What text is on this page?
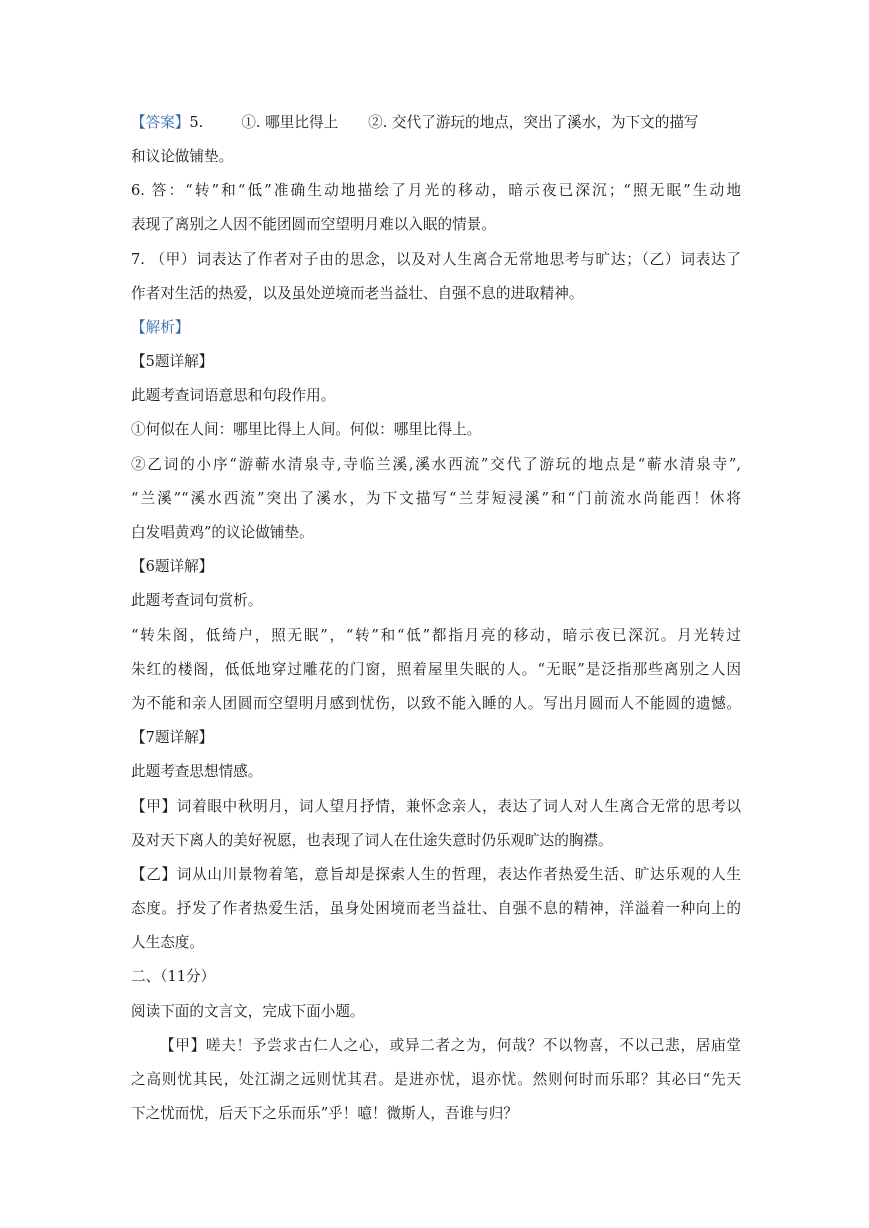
【答案】5.	①. 哪里比得上 ②. 交代了游玩的地点，突出了溪水，为下文的描写
和议论做铺垫。
6. 答：“转”和“低”准确生动地描绘了月光的移动，暗示夜已深沉；“照无眠”生动地
表现了离别之人因不能团圆而空望明月难以入眠的情景。
7. （甲）词表达了作者对子由的思念，以及对人生离合无常地思考与旷达；（乙）词表达了
作者对生活的热爱，以及虽处逆境而老当益壮、自强不息的进取精神。
【解析】
【5题详解】
此题考查词语意思和句段作用。
①何似在人间：哪里比得上人间。何似：哪里比得上。
②乙词的小序“游蕲水清泉寺,寺临兰溪,溪水西流”交代了游玩的地点是“蕲水清泉寺”,
“兰溪”“溪水西流”突出了溪水，为下文描写“兰芽短浸溪”和“门前流水尚能西！休将
白发唱黄鸡”的议论做铺垫。
【6题详解】
此题考查词句赏析。
“转朱阁，低绮户，照无眠”，“转”和“低”都指月亮的移动，暗示夜已深沉。月光转过
朱红的楼阁，低低地穿过雕花的门窗，照着屋里失眠的人。“无眠”是泛指那些离别之人因
为不能和亲人团圆而空望明月感到忧伤，以致不能入睡的人。写出月圆而人不能圆的遗憾。
【7题详解】
此题考查思想情感。
【甲】词着眼中秋明月，词人望月抒情，兼怀念亲人，表达了词人对人生离合无常的思考以
及对天下离人的美好祝愿，也表现了词人在仕途失意时仍乐观旷达的胸襟。
【乙】词从山川景物着笔，意旨却是探索人生的哲理，表达作者热爱生活、旷达乐观的人生
态度。抒发了作者热爱生活，虽身处困境而老当益壮、自强不息的精神，洋溢着一种向上的
人生态度。
二、（11分）
阅读下面的文言文，完成下面小题。
【甲】嗟夫！予尝求古仁人之心，或异二者之为，何哉？不以物喜，不以己悲，居庙堂
之高则忧其民，处江湖之远则忧其君。是进亦忧，退亦忧。然则何时而乐耶？其必曰“先天
下之忧而忧，后天下之乐而乐”乎！噫！微斯人，吾谁与归？
